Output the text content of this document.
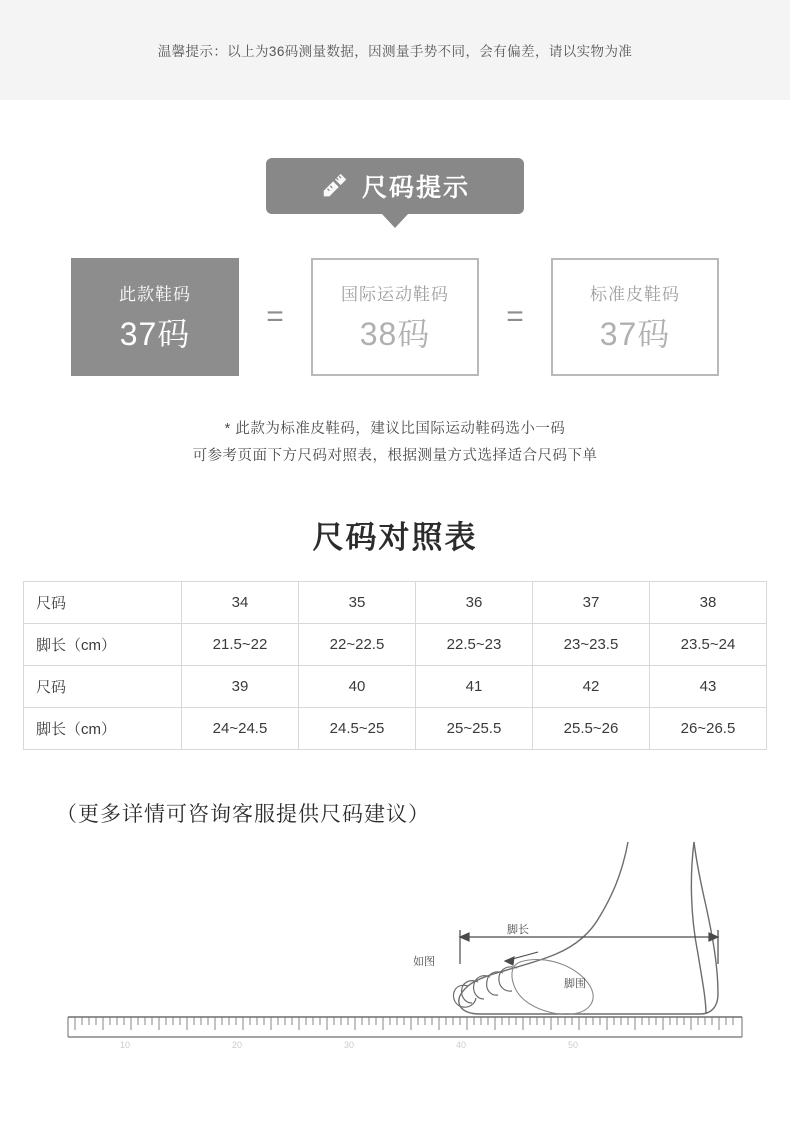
温馨提示：以上为36码测量数据，因测量手势不同，会有偏差，请以实物为准
尺码提示
此款鞋码
37码	=
国际运动鞋码
38码	=
标准皮鞋码
37码
* 此款为标准皮鞋码，建议比国际运动鞋码选小一码
可参考页面下方尺码对照表，根据测量方式选择适合尺码下单
尺码对照表
尺码	34	35	36	37	38
脚长（cm）	21.5~22	22~22.5	22.5~23	23~23.5	23.5~24
尺码	39	40	41	42	43
脚长（cm）	24~24.5	24.5~25	25~25.5	25.5~26	26~26.5
（更多详情可咨询客服提供尺码建议）
脚长
如图
脚围
10	20	30	40	50
